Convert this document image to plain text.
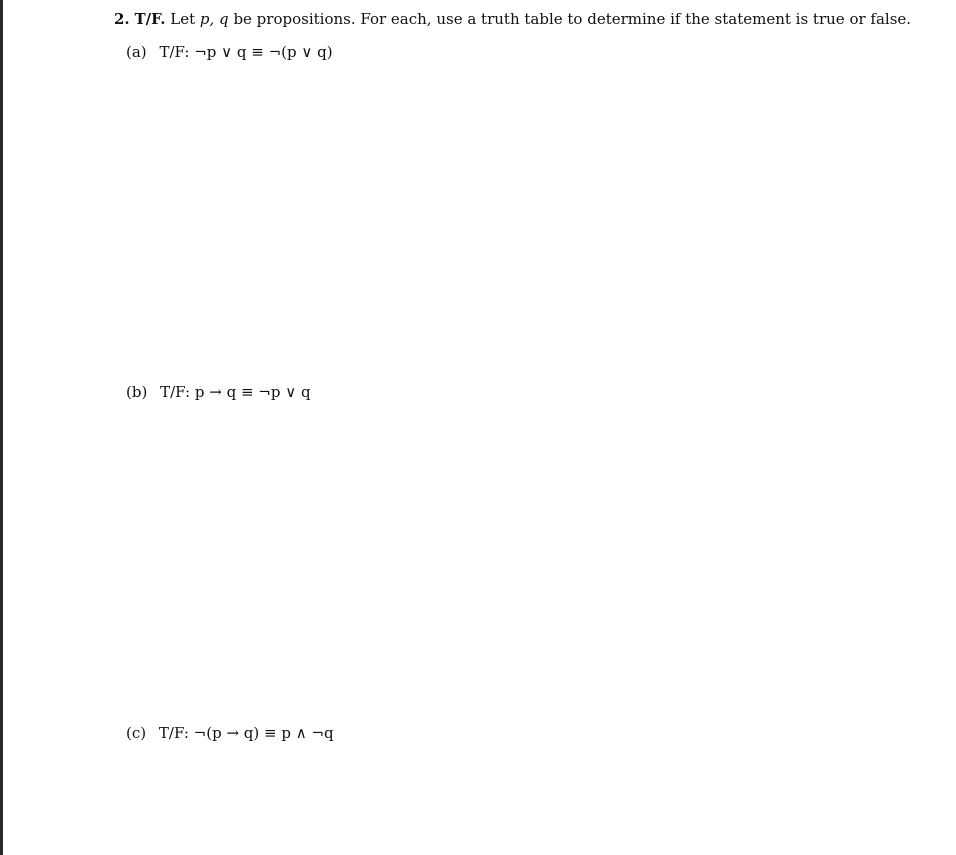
2. T/F. Let p, q be propositions. For each, use a truth table to determine if the statement is true or false.
(a) T/F: ¬p ∨ q ≡ ¬(p ∨ q)
(b) T/F: p → q ≡ ¬p ∨ q
(c) T/F: ¬(p → q) ≡ p ∧ ¬q
